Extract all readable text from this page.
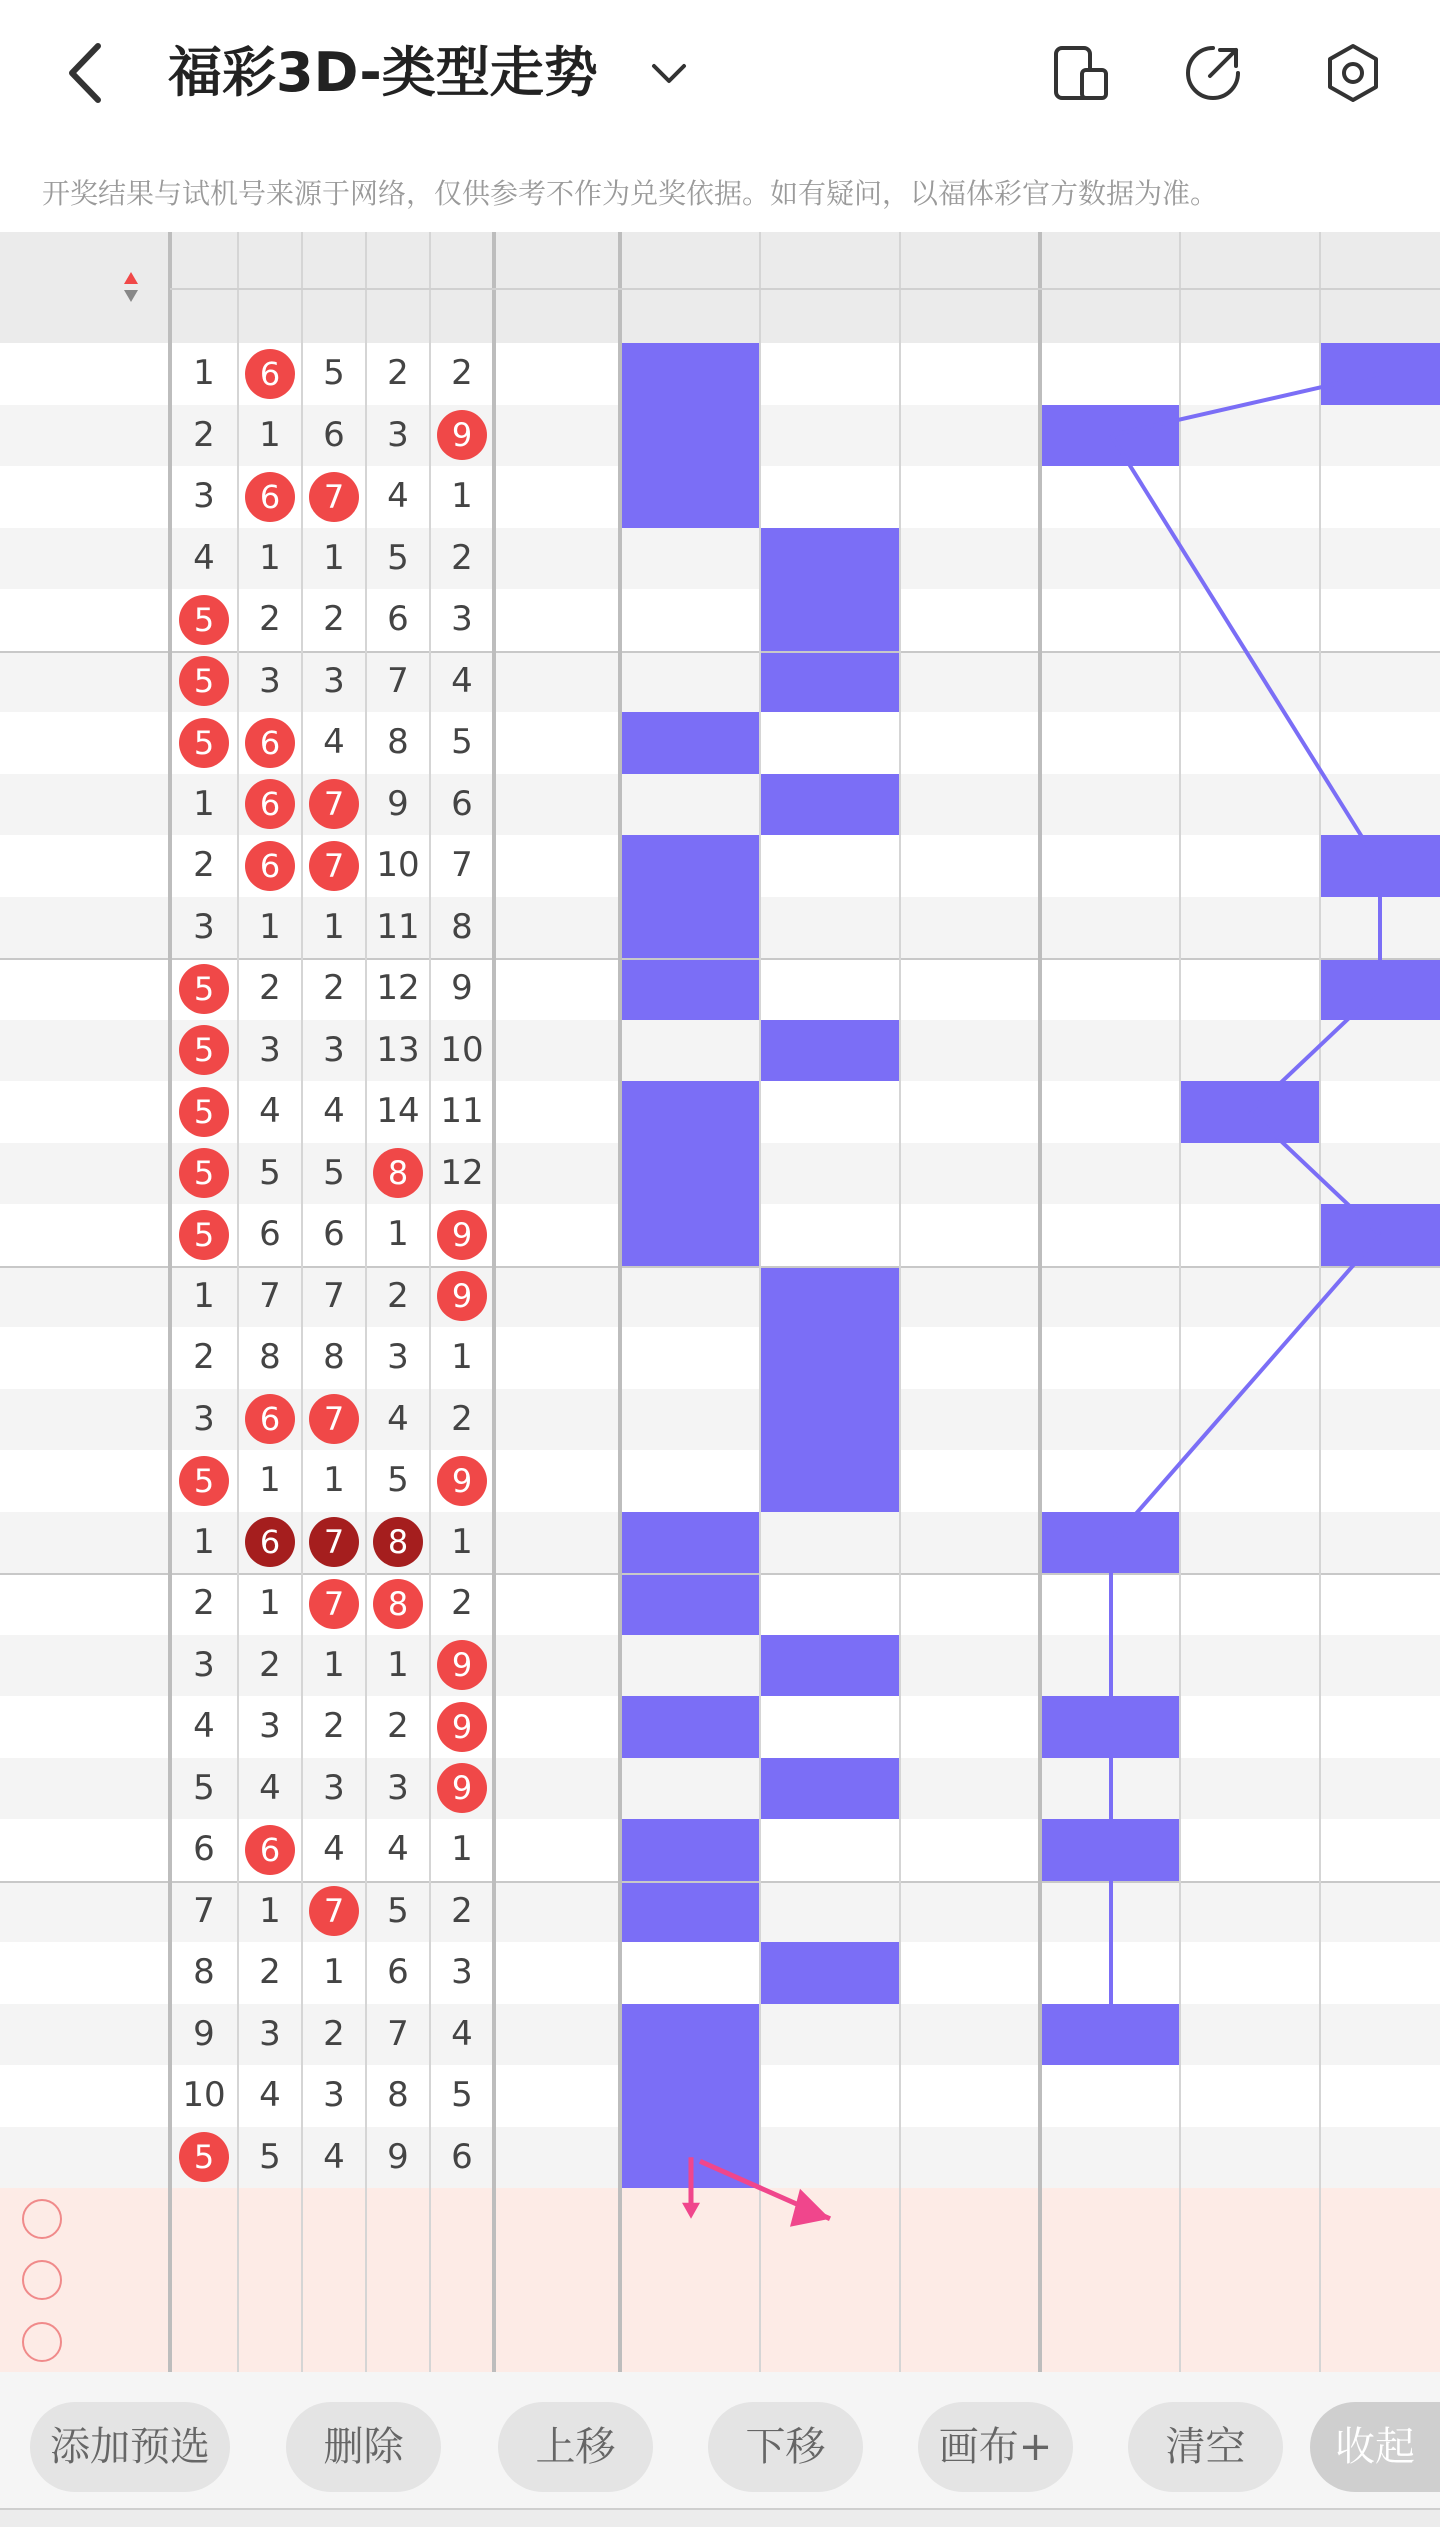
福彩3D-类型走势
开奖结果与试机号来源于网络，仅供参考不作为兑奖依据。如有疑问，以福体彩官方数据为准。
1	6	5	2	2
2	1	6	3	9
3	6	7	4	1
4	1	1	5	2
5	2	2	6	3
5	3	3	7	4
5	6	4	8	5
1	6	7	9	6
2	6	7 10 7
3	1	1 11 8
5	2	2 12 9
5	3	3 13 10
5	4	4 14 11
5	5	5	8 12
5	6	6	1	9
1	7	7	2	9
2	8	8	3	1
3	6	7	4	2
5	1	1	5	9
1	6	7	8	1
2	1	7	8	2
3	2	1	1	9
4	3	2	2	9
5	4	3	3	9
6	6	4	4	1
7	1	7	5	2
8	2	1	6	3
9	3	2	7	4
10 4	3	8	5
5	5	4	9	6
添加预选	删除	上移	下移	画布+	清空	收起
